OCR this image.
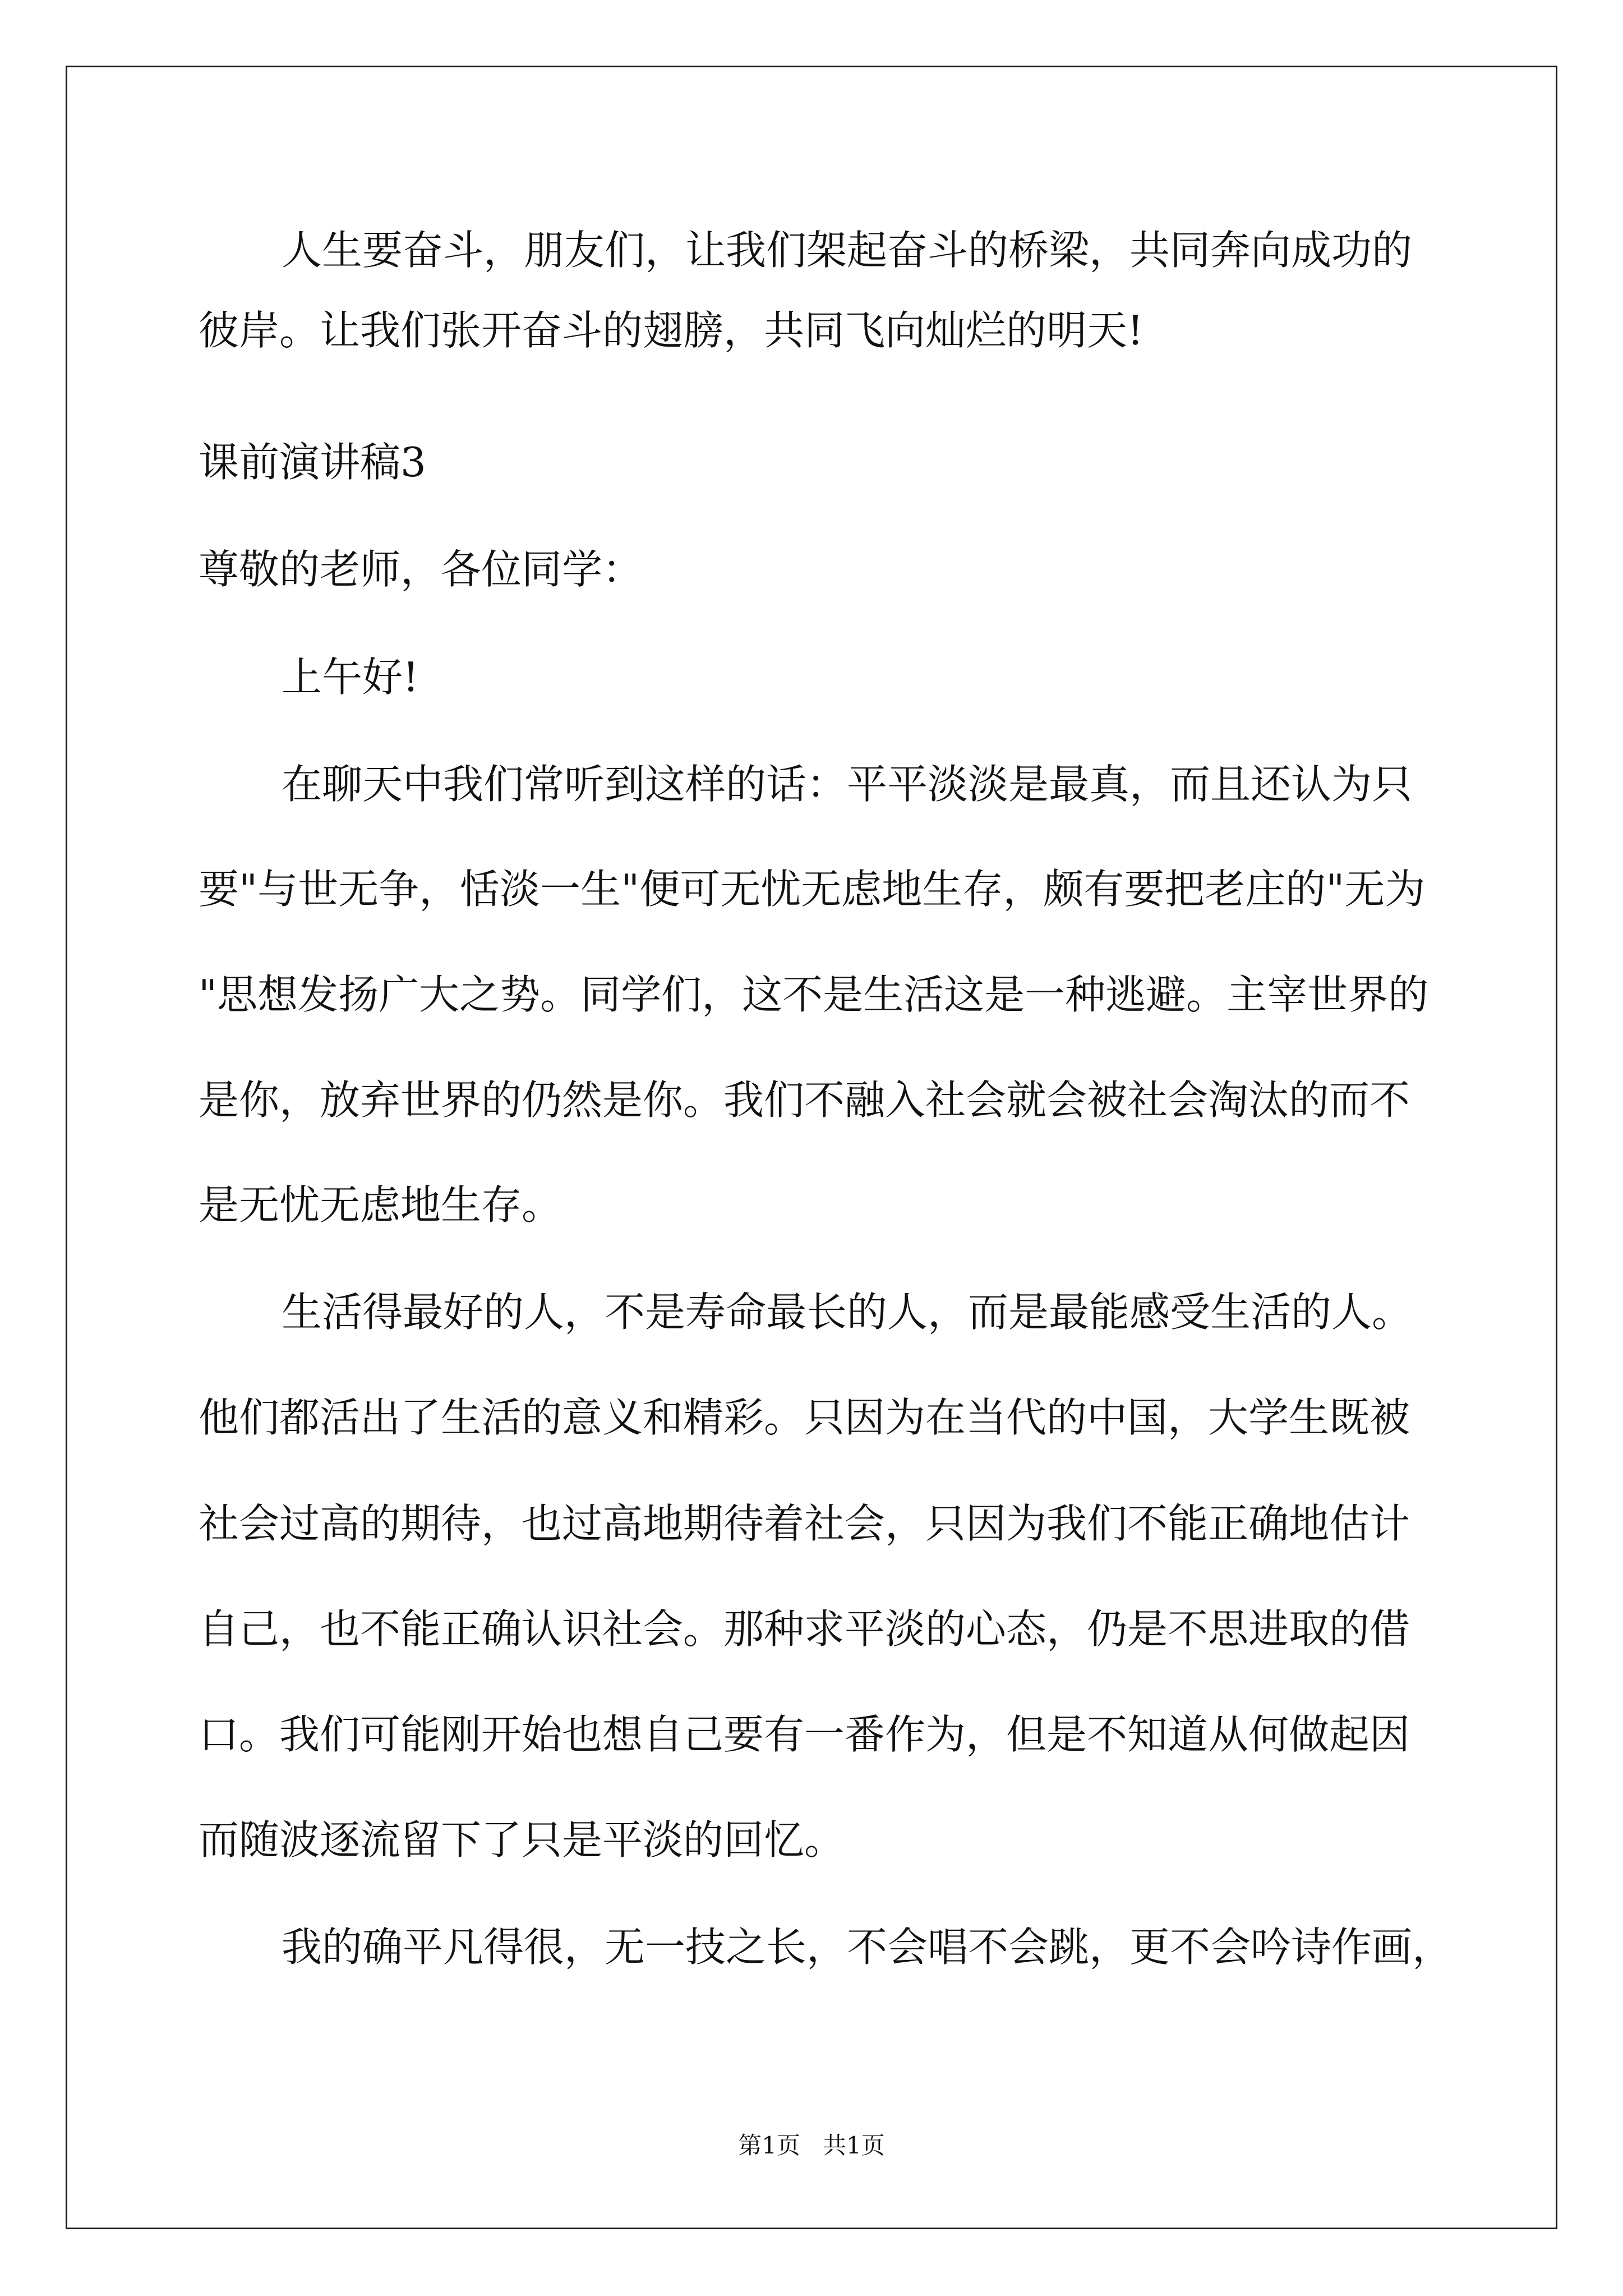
人生要奋斗，朋友们，让我们架起奋斗的桥梁，共同奔向成功的
彼岸。让我们张开奋斗的翅膀，共同飞向灿烂的明天!
课前演讲稿3
尊敬的老师，各位同学：
上午好!
在聊天中我们常听到这样的话：平平淡淡是最真，而且还认为只
要"与世无争，恬淡一生"便可无忧无虑地生存，颇有要把老庄的"无为
"思想发扬广大之势。同学们，这不是生活这是一种逃避。主宰世界的
是你，放弃世界的仍然是你。我们不融入社会就会被社会淘汰的而不
是无忧无虑地生存。
生活得最好的人，不是寿命最长的人，而是最能感受生活的人。
他们都活出了生活的意义和精彩。只因为在当代的中国，大学生既被
社会过高的期待，也过高地期待着社会，只因为我们不能正确地估计
自己，也不能正确认识社会。那种求平淡的心态，仍是不思进取的借
口。我们可能刚开始也想自己要有一番作为，但是不知道从何做起因
而随波逐流留下了只是平淡的回忆。
我的确平凡得很，无一技之长，不会唱不会跳，更不会吟诗作画，
第1页   共1页
